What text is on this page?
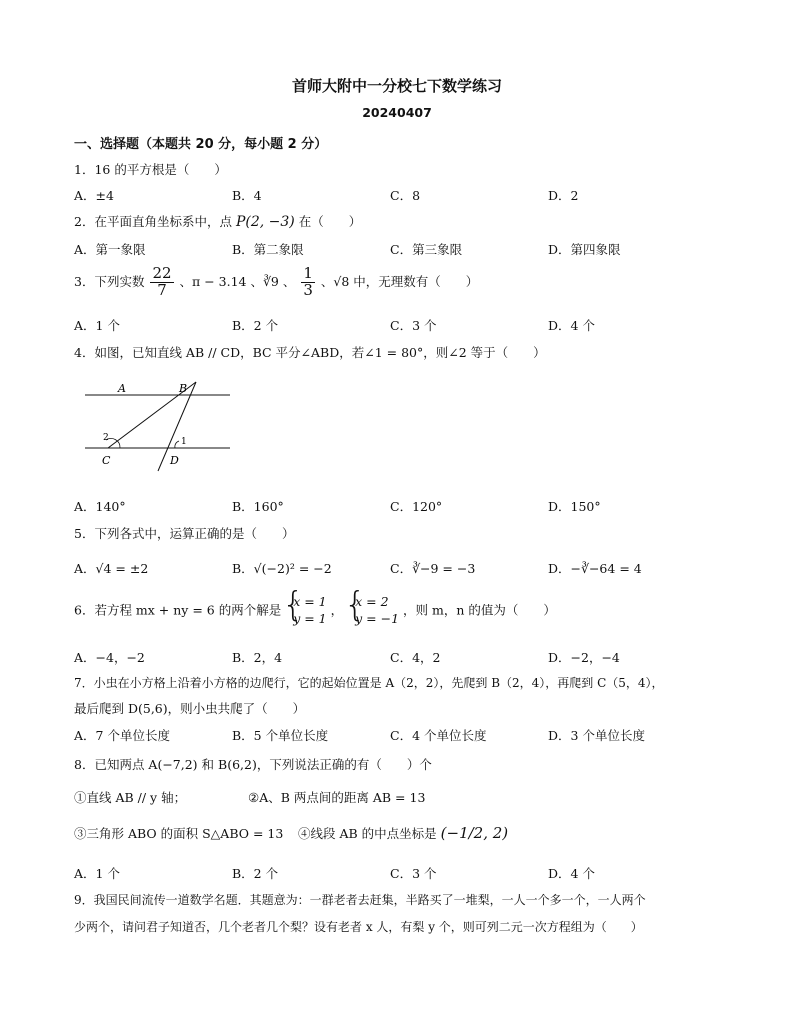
首师大附中一分校七下数学练习
20240407
一、选择题（本题共 20 分，每小题 2 分）
1．16 的平方根是（　　）
A．±4	B．4	C．8	D．2
2．在平面直角坐标系中，点 P(2, −3) 在（　　）
A．第一象限	B．第二象限	C．第三象限	D．第四象限
3．下列实数 $\frac{22}{7}$ 、π − 3.14 、∛9 、 $\frac{1}{3}$ 、√8 中，无理数有（　　）
A．1 个	B．2 个	C．3 个	D．4 个
4．如图，已知直线 AB // CD，BC 平分∠ABD，若∠1 = 80°，则∠2 等于（　　）
A	B
C	D
1
2
A．140°	B．160°	C．120°	D．150°
5．下列各式中，运算正确的是（　　）
A．√4 = ±2	B．√(−2)² = −2	C．∛−9 = −3	D．−∛−64 = 4
6．若方程 mx + ny = 6 的两个解是
{ x = 1
y = 1
，
{ x = 2
y = −1
，则 m，n 的值为（　　）
A．−4，−2	B．2，4	C．4，2	D．−2，−4
7．小虫在小方格上沿着小方格的边爬行，它的起始位置是 A（2，2），先爬到 B（2，4），再爬到 C（5，4），
最后爬到 D(5,6)，则小虫共爬了（　　）
A．7 个单位长度	B．5 个单位长度	C．4 个单位长度	D．3 个单位长度
8．已知两点 A(−7,2) 和 B(6,2)，下列说法正确的有（　　）个
①直线 AB // y 轴；	②A、B 两点间的距离 AB = 13
③三角形 ABO 的面积 S△ABO = 13 ④线段 AB 的中点坐标是 (−1/2, 2)
A．1 个	B．2 个	C．3 个	D．4 个
9．我国民间流传一道数学名题．其题意为：一群老者去赶集，半路买了一堆梨，一人一个多一个，一人两个
少两个，请问君子知道否，几个老者几个梨？设有老者 x 人，有梨 y 个，则可列二元一次方程组为（　　）
